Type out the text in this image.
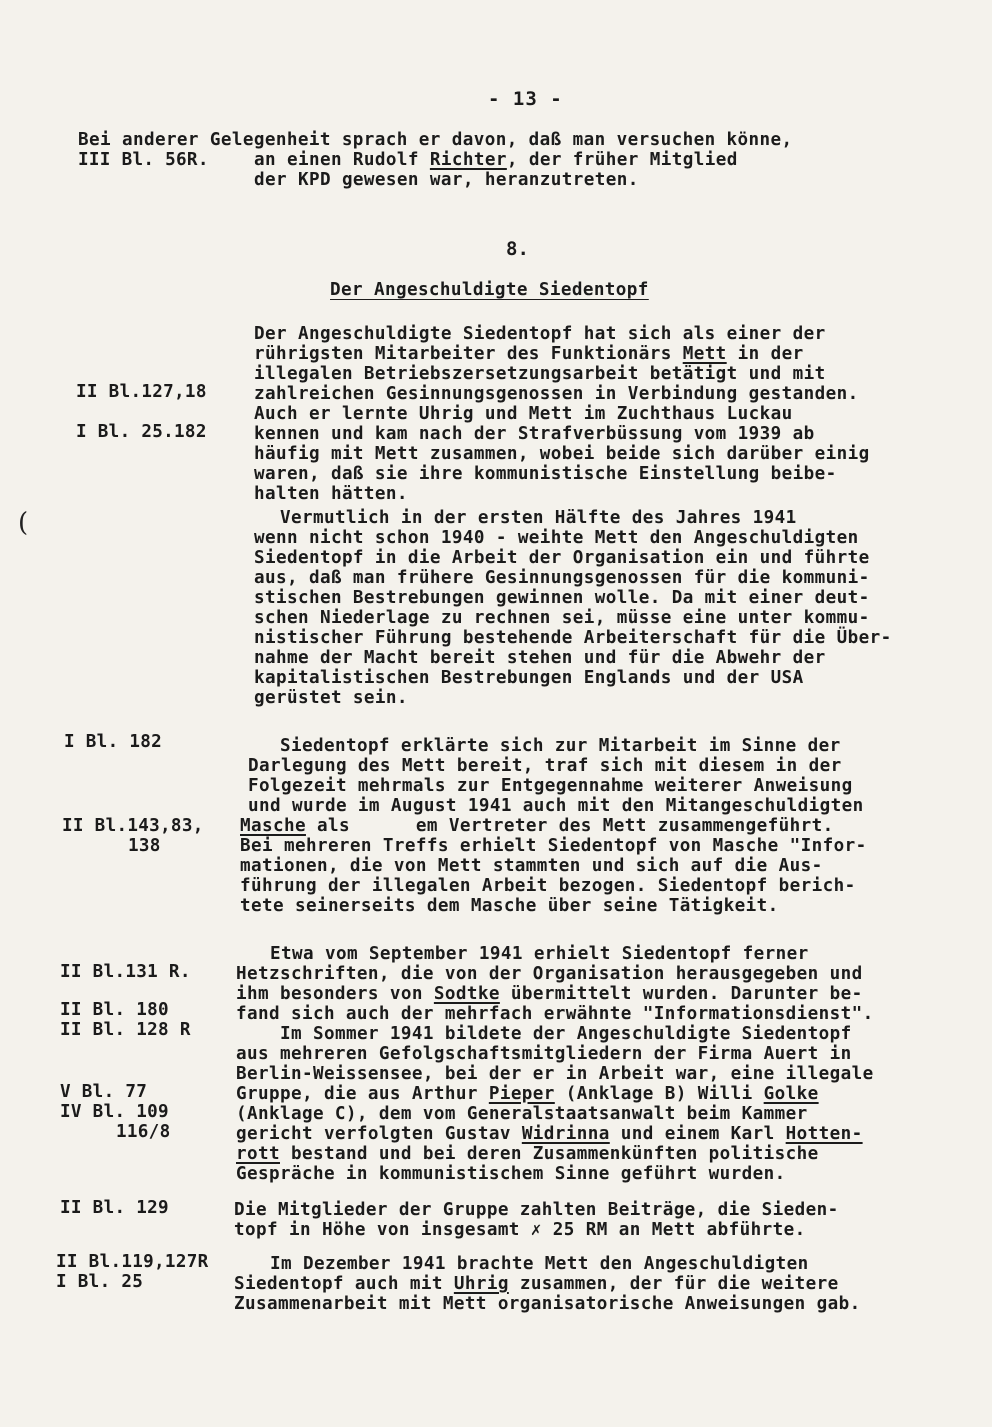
- 13 -
Bei anderer Gelegenheit sprach er davon, daß man versuchen könne,
III Bl. 56R.	an einen Rudolf Richter, der früher Mitglied
der KPD gewesen war, heranzutreten.
8.
Der Angeschuldigte Siedentopf
(
Der Angeschuldigte Siedentopf hat sich als einer der
rührigsten Mitarbeiter des Funktionärs Mett in der
illegalen Betriebszersetzungsarbeit betätigt und mit
II Bl.127,18	zahlreichen Gesinnungsgenossen in Verbindung gestanden.
Auch er lernte Uhrig und Mett im Zuchthaus Luckau
I Bl. 25.182	kennen und kam nach der Strafverbüssung vom 1939 ab
häufig mit Mett zusammen, wobei beide sich darüber einig
waren, daß sie ihre kommunistische Einstellung beibe-
halten hätten.
Vermutlich in der ersten Hälfte des Jahres 1941
wenn nicht schon 1940 - weihte Mett den Angeschuldigten
Siedentopf in die Arbeit der Organisation ein und führte
aus, daß man frühere Gesinnungsgenossen für die kommuni-
stischen Bestrebungen gewinnen wolle. Da mit einer deut-
schen Niederlage zu rechnen sei, müsse eine unter kommu-
nistischer Führung bestehende Arbeiterschaft für die Über-
nahme der Macht bereit stehen und für die Abwehr der
kapitalistischen Bestrebungen Englands und der USA
gerüstet sein.
I Bl. 182	Siedentopf erklärte sich zur Mitarbeit im Sinne der
Darlegung des Mett bereit, traf sich mit diesem in der
Folgezeit mehrmals zur Entgegennahme weiterer Anweisung
und wurde im August 1941 auch mit den Mitangeschuldigten
II Bl.143,83, Masche als      em Vertreter des Mett zusammengeführt.
138	Bei mehreren Treffs erhielt Siedentopf von Masche "Infor-
mationen, die von Mett stammten und sich auf die Aus-
führung der illegalen Arbeit bezogen. Siedentopf berich-
tete seinerseits dem Masche über seine Tätigkeit.
Etwa vom September 1941 erhielt Siedentopf ferner
II Bl.131 R.	Hetzschriften, die von der Organisation herausgegeben und
ihm besonders von Sodtke übermittelt wurden. Darunter be-
II Bl. 180	fand sich auch der mehrfach erwähnte "Informationsdienst".
II Bl. 128 R	Im Sommer 1941 bildete der Angeschuldigte Siedentopf
aus mehreren Gefolgschaftsmitgliedern der Firma Auert in
Berlin-Weissensee, bei der er in Arbeit war, eine illegale
V Bl. 77	Gruppe, die aus Arthur Pieper (Anklage B) Willi Golke
IV Bl. 109	(Anklage C), dem vom Generalstaatsanwalt beim Kammer
116/8	gericht verfolgten Gustav Widrinna und einem Karl Hotten-
rott bestand und bei deren Zusammenkünften politische
Gespräche in kommunistischem Sinne geführt wurden.
II Bl. 129	Die Mitglieder der Gruppe zahlten Beiträge, die Sieden-
topf in Höhe von insgesamt ✗ 25 RM an Mett abführte.
II Bl.119,127R	Im Dezember 1941 brachte Mett den Angeschuldigten
I Bl. 25	Siedentopf auch mit Uhrig zusammen, der für die weitere
Zusammenarbeit mit Mett organisatorische Anweisungen gab.
